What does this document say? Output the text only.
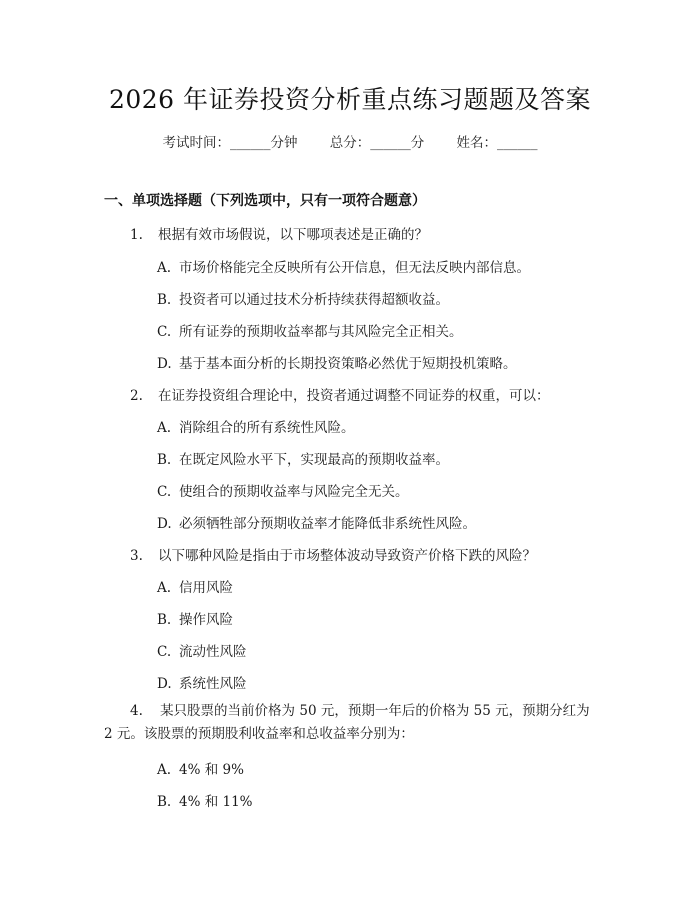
2026 年证券投资分析重点练习题题及答案
考试时间：______分钟 总分：______分 姓名：______
一、单项选择题（下列选项中，只有一项符合题意）
1. 根据有效市场假说，以下哪项表述是正确的？
A. 市场价格能完全反映所有公开信息，但无法反映内部信息。
B. 投资者可以通过技术分析持续获得超额收益。
C. 所有证券的预期收益率都与其风险完全正相关。
D. 基于基本面分析的长期投资策略必然优于短期投机策略。
2. 在证券投资组合理论中，投资者通过调整不同证券的权重，可以：
A. 消除组合的所有系统性风险。
B. 在既定风险水平下，实现最高的预期收益率。
C. 使组合的预期收益率与风险完全无关。
D. 必须牺牲部分预期收益率才能降低非系统性风险。
3. 以下哪种风险是指由于市场整体波动导致资产价格下跌的风险？
A. 信用风险
B. 操作风险
C. 流动性风险
D. 系统性风险
4. 某只股票的当前价格为 50 元，预期一年后的价格为 55 元，预期分红为 2 元。该股票的预期股利收益率和总收益率分别为：
A. 4% 和 9%
B. 4% 和 11%
